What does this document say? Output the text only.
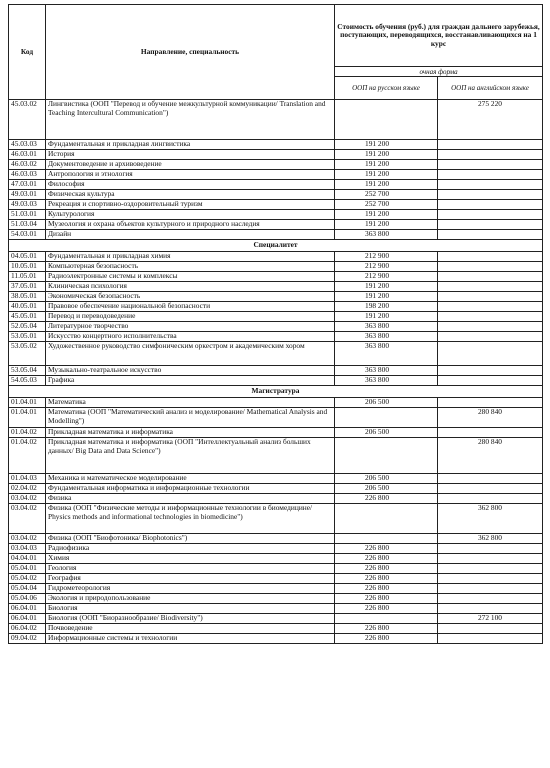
Код	Направление, специальность	Стоимость обучения (руб.) для граждан дальнего зарубежья, поступающих, переводящихся, восстанавливающихся на 1 курс	
		очная форма	
		ООП на русском языке	ООП на английском языке
45.03.02	Лингвистика (ООП "Перевод и обучение межкультурной коммуникации/ Translation and Teaching Intercultural Communication")		275 220
45.03.03	Фундаментальная и прикладная лингвистика	191 200	
46.03.01	История	191 200	
46.03.02	Документоведение и архивоведение	191 200	
46.03.03	Антропология и этнология	191 200	
47.03.01	Философия	191 200	
49.03.01	Физическая культура	252 700	
49.03.03	Рекреация и спортивно-оздоровительный туризм	252 700	
51.03.01	Культурология	191 200	
51.03.04	Музеология и охрана объектов культурного и природного наследия	191 200	
54.03.01	Дизайн	363 800	
Специалитет			
04.05.01	Фундаментальная и прикладная химия	212 900	
10.05.01	Компьютерная безопасность	212 900	
11.05.01	Радиоэлектронные системы и комплексы	212 900	
37.05.01	Клиническая психология	191 200	
38.05.01	Экономическая безопасность	191 200	
40.05.01	Правовое обеспечение национальной безопасности	198 200	
45.05.01	Перевод и переводоведение	191 200	
52.05.04	Литературное творчество	363 800	
53.05.01	Искусство концертного исполнительства	363 800	
53.05.02	Художественное руководство симфоническим оркестром и академическим хором	363 800	
53.05.04	Музыкально-театральное искусство	363 800	
54.05.03	Графика	363 800	
Магистратура			
01.04.01	Математика	206 500	
01.04.01	Математика (ООП "Математический анализ и моделирование/ Mathematical Analysis and Modelling")		280 840
01.04.02	Прикладная математика и информатика	206 500	
01.04.02	Прикладная математика и информатика (ООП "Интеллектуальный анализ больших данных/ Big Data and Data Science")		280 840
01.04.03	Механика и математическое моделирование	206 500	
02.04.02	Фундаментальная информатика и информационные технологии	206 500	
03.04.02	Физика	226 800	
03.04.02	Физика (ООП "Физические методы и информационные технологии в биомедицине/ Physics methods and informational technologies in biomedicine")		362 800
03.04.02	Физика (ООП "Биофотоника/ Biophotonics")		362 800
03.04.03	Радиофизика	226 800	
04.04.01	Химия	226 800	
05.04.01	Геология	226 800	
05.04.02	География	226 800	
05.04.04	Гидрометеорология	226 800	
05.04.06	Экология и природопользование	226 800	
06.04.01	Биология	226 800	
06.04.01	Биология (ООП "Биоразнообразие/ Biodiversity")		272 100
06.04.02	Почвоведение	226 800	
09.04.02	Информационные системы и технологии	226 800	
